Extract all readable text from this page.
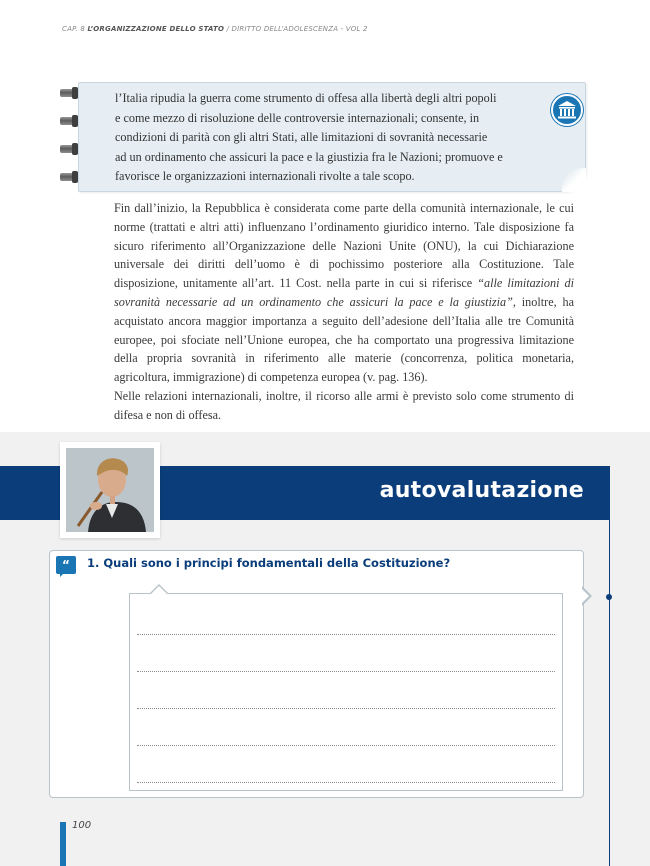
CAP. 8 L’ORGANIZZAZIONE DELLO STATO / DIRITTO DELL’ADOLESCENZA - VOL 2
l’Italia ripudia la guerra come strumento di offesa alla libertà degli altri popoli
e come mezzo di risoluzione delle controversie internazionali; consente, in
condizioni di parità con gli altri Stati, alle limitazioni di sovranità necessarie
ad un ordinamento che assicuri la pace e la giustizia fra le Nazioni; promuove e
favorisce le organizzazioni internazionali rivolte a tale scopo.

Fin dall’inizio, la Repubblica è considerata come parte della comunità internazionale, le cui norme (trattati e altri atti) influenzano l’ordinamento giuridico interno. Tale disposizione fa sicuro riferimento all’Organizzazione delle Nazioni Unite (ONU), la cui Dichiarazione universale dei diritti dell’uomo è di pochissimo posteriore alla Costituzione. Tale disposizione, unitamente all’art. 11 Cost. nella parte in cui si riferisce “alle limitazioni di sovranità necessarie ad un ordinamento che assicuri la pace e la giustizia”, inoltre, ha acquistato ancora maggior importanza a seguito dell’adesione dell’Italia alle tre Comunità europee, poi sfociate nell’Unione europea, che ha comportato una progressiva limitazione della propria sovranità in riferimento alle materie (concorrenza, politica monetaria, agricoltura, immigrazione) di competenza europea (v. pag. 136).

Nelle relazioni internazionali, inoltre, il ricorso alle armi è previsto solo come strumento di difesa e non di offesa.

autovalutazione
“	1. Quali sono i principi fondamentali della Costituzione?
100
